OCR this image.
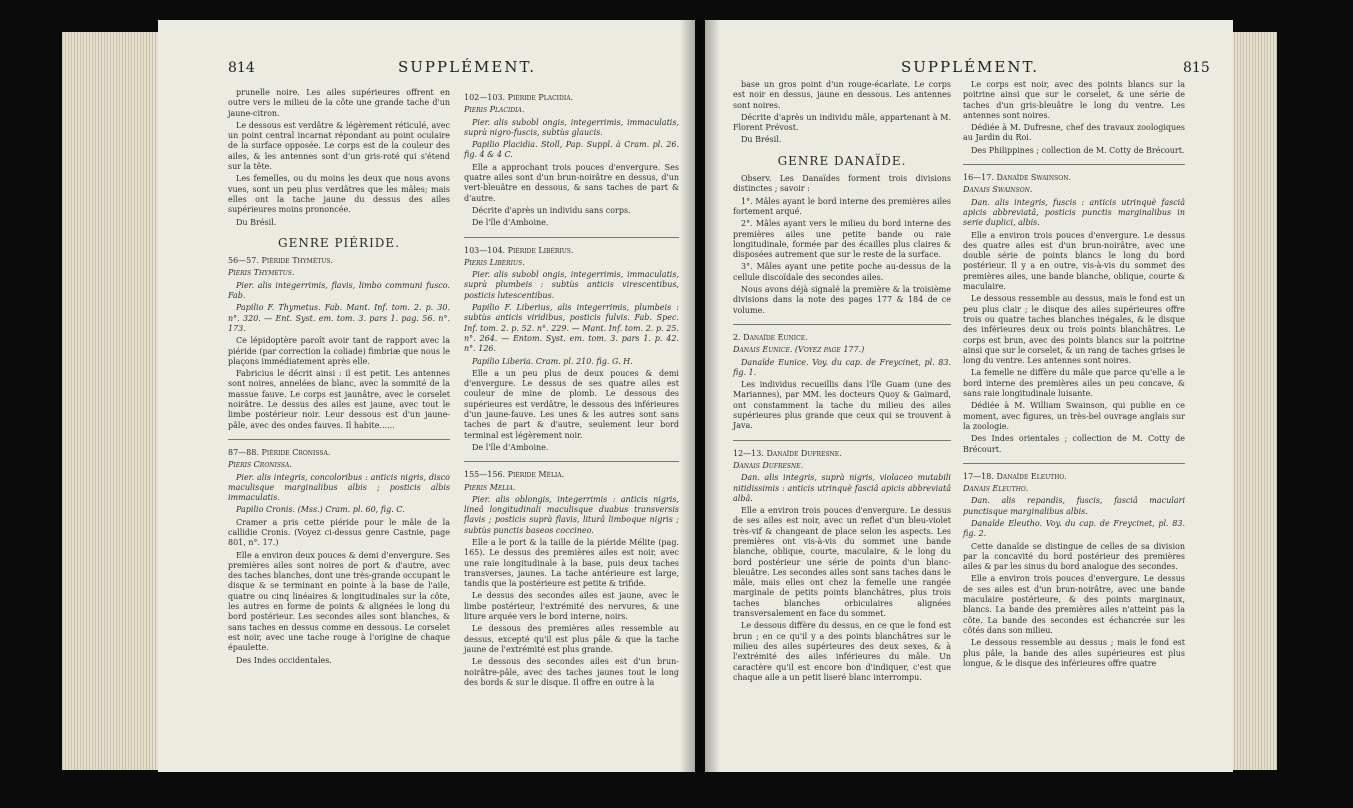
814	SUPPLÉMENT.

prunelle noire. Les ailes supérieures offrent en outre vers le milieu de la côte une grande tache d'un jaune-citron.

Le dessous est verdâtre & légèrement réticulé, avec un point central incarnat répondant au point oculaire de la surface opposée. Le corps est de la couleur des ailes, & les antennes sont d'un gris-roté qui s'étend sur la tête.

Les femelles, ou du moins les deux que nous avons vues, sont un peu plus verdâtres que les mâles; mais elles ont la tache jaune du dessus des ailes supérieures moins prononcée.

Du Brésil.

GENRE PIÉRIDE.

56—57. Piéride Thymétus.

Pieris Thymetus.

Pier. alis integerrimis, flavis, limbo communi fusco. Fab.

Papilio F. Thymetus. Fab. Mant. Inf. tom. 2. p. 30. n°. 320. — Ent. Syst. em. tom. 3. pars 1. pag. 56. n°. 173.

Ce lépidoptère paroît avoir tant de rapport avec la piéride (par correction la coliade) fimbriæ que nous le plaçons immédiatement après elle.

Fabricius le décrit ainsi : il est petit. Les antennes sont noires, annelées de blanc, avec la sommité de la massue fauve. Le corps est jaunâtre, avec le corselet noirâtre. Le dessus des ailes est jaune, avec tout le limbe postérieur noir. Leur dessous est d'un jaune-pâle, avec des ondes fauves. Il habite......

87—88. Piéride Cronissa.

Pieris Cronissa.

Pier. alis integris, concoloribus : anticis nigris, disco maculisque marginalibus albis ; posticis albis immaculatis.

Papilio Cronis. (Mss.) Cram. pl. 60, fig. C.

Cramer a pris cette piéride pour le mâle de la callidie Cronis. (Voyez ci-dessus genre Castnie, page 801, n°. 17.)

Elle a environ deux pouces & demi d'envergure. Ses premières ailes sont noires de port & d'autre, avec des taches blanches, dont une très-grande occupant le disque & se terminant en pointe à la base de l'aile, quatre ou cinq linéaires & longitudinales sur la côte, les autres en forme de points & alignées le long du bord postérieur. Les secondes ailes sont blanches, & sans taches en dessus comme en dessous. Le corselet est noir, avec une tache rouge à l'origine de chaque épaulette.

Des Indes occidentales.

102—103. Piéride Placidia.

Pieris Placidia.

Pier. alis subobl ongis, integerrimis, immaculatis, suprà nigro-fuscis, subtùs glaucis.

Papilio Placidia. Stoll, Pap. Suppl. à Cram. pl. 26. fig. 4 & 4 C.

Elle a approchant trois pouces d'envergure. Ses quatre ailes sont d'un brun-noirâtre en dessus, d'un vert-bleuâtre en dessous, & sans taches de part & d'autre.

Décrite d'après un individu sans corps.

De l'île d'Amboine.

103—104. Piéride Libérius.

Pieris Liberius.

Pier. alis subobl ongis, integerrimis, immaculatis, suprà plumbeis : subtùs anticis virescentibus, posticis lutescentibus.

Papilio F. Liberius, alis integerrimis, plumbeis : subtùs anticis viridibus, posticis fulvis. Fab. Spec. Inf. tom. 2. p. 52. n°. 229. — Mant. Inf. tom. 2. p. 25. n°. 264. — Entom. Syst. em. tom. 3. pars 1. p. 42. n°. 126.

Papilio Liberia. Cram. pl. 210. fig. G. H.

Elle a un peu plus de deux pouces & demi d'envergure. Le dessus de ses quatre ailes est couleur de mine de plomb. Le dessous des supérieures est verdâtre, le dessous des inférieures d'un jaune-fauve. Les unes & les autres sont sans taches de part & d'autre, seulement leur bord terminal est légèrement noir.

De l'île d'Amboine.

155—156. Piéride Mélia.

Pieris Melia.

Pier. alis oblongis, integerrimis : anticis nigris, lineâ longitudinali maculisque duabus transversis flavis ; posticis suprà flavis, liturâ limboque nigris ; subtùs punctis baseos coccineo.

Elle a le port & la taille de la piéride Mélite (pag. 165). Le dessus des premières ailes est noir, avec une raie longitudinale à la base, puis deux taches transverses, jaunes. La tache antérieure est large, tandis que la postérieure est petite & trifide.

Le dessus des secondes ailes est jaune, avec le limbe postérieur, l'extrémité des nervures, & une liture arquée vers le bord interne, noirs.

Le dessous des premières ailes ressemble au dessus, excepté qu'il est plus pâle & que la tache jaune de l'extrémité est plus grande.

Le dessous des secondes ailes est d'un brun-noirâtre-pâle, avec des taches jaunes tout le long des bords & sur le disque. Il offre en outre à la

SUPPLÉMENT.	815

base un gros point d'un rouge-écarlate. Le corps est noir en dessus, jaune en dessous. Les antennes sont noires.

Décrite d'après un individu mâle, appartenant à M. Florent Prévost.

Du Brésil.

GENRE DANAÏDE.

Observ. Les Danaïdes forment trois divisions distinctes ; savoir :

1°. Mâles ayant le bord interne des premières ailes fortement arqué.

2°. Mâles ayant vers le milieu du bord interne des premières ailes une petite bande ou raie longitudinale, formée par des écailles plus claires & disposées autrement que sur le reste de la surface.

3°. Mâles ayant une petite poche au-dessus de la cellule discoïdale des secondes ailes.

Nous avons déjà signalé la première & la troisième divisions dans la note des pages 177 & 184 de ce volume.

2. Danaïde Eunice.

Danais Eunice. (Voyez page 177.)

Danaïde Eunice. Voy. du cap. de Freycinet, pl. 83. fig. 1.

Les individus recueillis dans l'île Guam (une des Mariannes), par MM. les docteurs Quoy & Gaimard, ont constamment la tache du milieu des ailes supérieures plus grande que ceux qui se trouvent à Java.

12—13. Danaïde Dufresne.

Danais Dufresne.

Dan. alis integris, suprà nigris, violaceo mutabili nitidissimis : anticis utrinquè fasciâ apicis abbreviatâ albâ.

Elle a environ trois pouces d'envergure. Le dessus de ses ailes est noir, avec un reflet d'un bleu-violet très-vif & changeant de place selon les aspects. Les premières ont vis-à-vis du sommet une bande blanche, oblique, courte, maculaire, & le long du bord postérieur une série de points d'un blanc-bleuâtre. Les secondes ailes sont sans taches dans le mâle, mais elles ont chez la femelle une rangée marginale de petits points blanchâtres, plus trois taches blanches orbiculaires alignées transversalement en face du sommet.

Le dessous diffère du dessus, en ce que le fond est brun ; en ce qu'il y a des points blanchâtres sur le milieu des ailes supérieures des deux sexes, & à l'extrémité des ailes inférieures du mâle. Un caractère qu'il est encore bon d'indiquer, c'est que chaque aile a un petit liseré blanc interrompu.

Le corps est noir, avec des points blancs sur la poitrine ainsi que sur le corselet, & une série de taches d'un gris-bleuâtre le long du ventre. Les antennes sont noires.

Dédiée à M. Dufresne, chef des travaux zoologiques au Jardin du Roi.

Des Philippines ; collection de M. Cotty de Brécourt.

16—17. Danaïde Swainson.

Danais Swainson.

Dan. alis integris, fuscis : anticis utrinquè fasciâ apicis abbreviatâ, posticis punctis marginalibus in serie duplici, albis.

Elle a environ trois pouces d'envergure. Le dessus des quatre ailes est d'un brun-noirâtre, avec une double série de points blancs le long du bord postérieur. Il y a en outre, vis-à-vis du sommet des premières ailes, une bande blanche, oblique, courte & maculaire.

Le dessous ressemble au dessus, mais le fond est un peu plus clair ; le disque des ailes supérieures offre trois ou quatre taches blanches inégales, & le disque des inférieures deux ou trois points blanchâtres. Le corps est brun, avec des points blancs sur la poitrine ainsi que sur le corselet, & un rang de taches grises le long du ventre. Les antennes sont noires.

La femelle ne diffère du mâle que parce qu'elle a le bord interne des premières ailes un peu concave, & sans raie longitudinale luisante.

Dédiée à M. William Swainson, qui publie en ce moment, avec figures, un très-bel ouvrage anglais sur la zoologie.

Des Indes orientales ; collection de M. Cotty de Brécourt.

17—18. Danaïde Eleutho.

Danais Eleutho.

Dan. alis repandis, fuscis, fasciâ maculari punctisque marginalibus albis.

Danaïde Eleutho. Voy. du cap. de Freycinet, pl. 83. fig. 2.

Cette danaïde se distingue de celles de sa division par la concavité du bord postérieur des premières ailes & par les sinus du bord analogue des secondes.

Elle a environ trois pouces d'envergure. Le dessus de ses ailes est d'un brun-noirâtre, avec une bande maculaire postérieure, & des points marginaux, blancs. La bande des premières ailes n'atteint pas la côte. La bande des secondes est échancrée sur les côtés dans son milieu.

Le dessous ressemble au dessus ; mais le fond est plus pâle, la bande des ailes supérieures est plus longue, & le disque des inférieures offre quatre
